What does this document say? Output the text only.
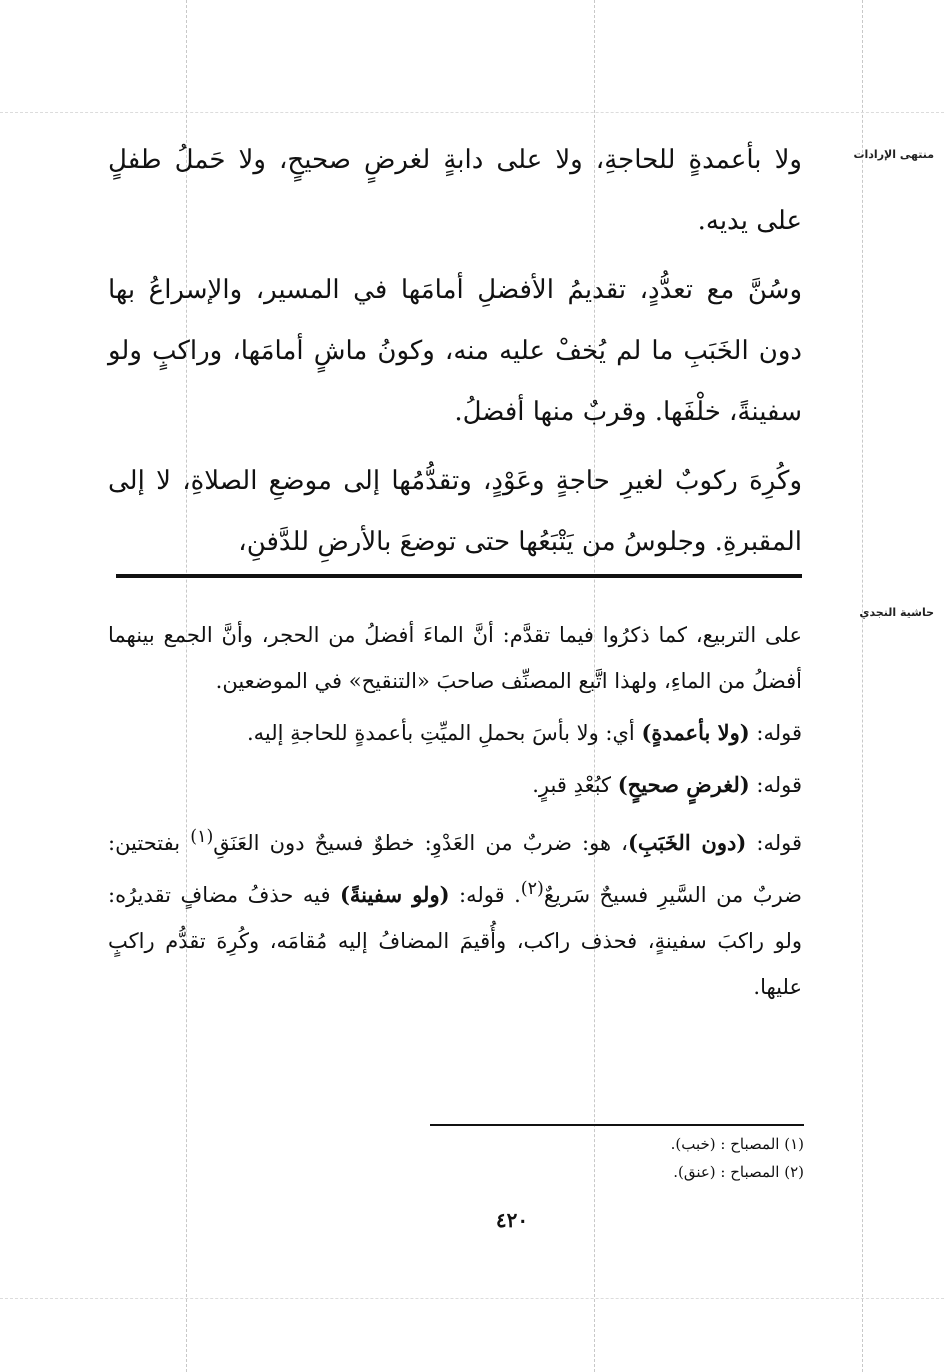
منتهى الإرادات
حاشية النجدي

ولا بأعمدةٍ للحاجةِ، ولا على دابةٍ لغرضٍ صحيحٍ، ولا حَملُ طفلٍ على يديه.

وسُنَّ مع تعدُّدٍ، تقديمُ الأفضلِ أمامَها في المسير، والإسراعُ بها دون الخَبَبِ ما لم يُخفْ عليه منه، وكونُ ماشٍ أمامَها، وراكبٍ ولو سفينةً، خلْفَها. وقربٌ منها أفضلُ.

وكُرِهَ ركوبٌ لغيرِ حاجةٍ وعَوْدٍ، وتقدُّمُها إلى موضعِ الصلاةِ، لا إلى المقبرةِ. وجلوسُ من يَتْبَعُها حتى توضعَ بالأرضِ للدَّفنِ،

على التربيع، كما ذكرُوا فيما تقدَّم: أنَّ الماءَ أفضلُ من الحجر، وأنَّ الجمع بينهما أفضلُ من الماءِ، ولهذا اتَّبع المصنِّف صاحبَ «التنقيح» في الموضعين.

قوله: (ولا بأعمدةٍ) أي: ولا بأسَ بحملِ الميِّتِ بأعمدةٍ للحاجةِ إليه.

قوله: (لغرضٍ صحيحٍ) كبُعْدِ قبرٍ.

قوله: (دون الخَبَبِ)، هو: ضربٌ من العَدْوِ: خطوٌ فسيحٌ دون العَنَقِ$^{(١)}$ بفتحتين: ضربٌ من السَّيرِ فسيحٌ سَريعٌ$^{(٢)}$. قوله: (ولو سفينةً) فيه حذفُ مضافٍ تقديرُه: ولو راكبَ سفينةٍ، فحذف راكب، وأُقيمَ المضافُ إليه مُقامَه، وكُرِهَ تقدُّم راكبٍ عليها.

(١) المصباح : (خبب).
(٢) المصباح : (عنق).
٤٢٠
